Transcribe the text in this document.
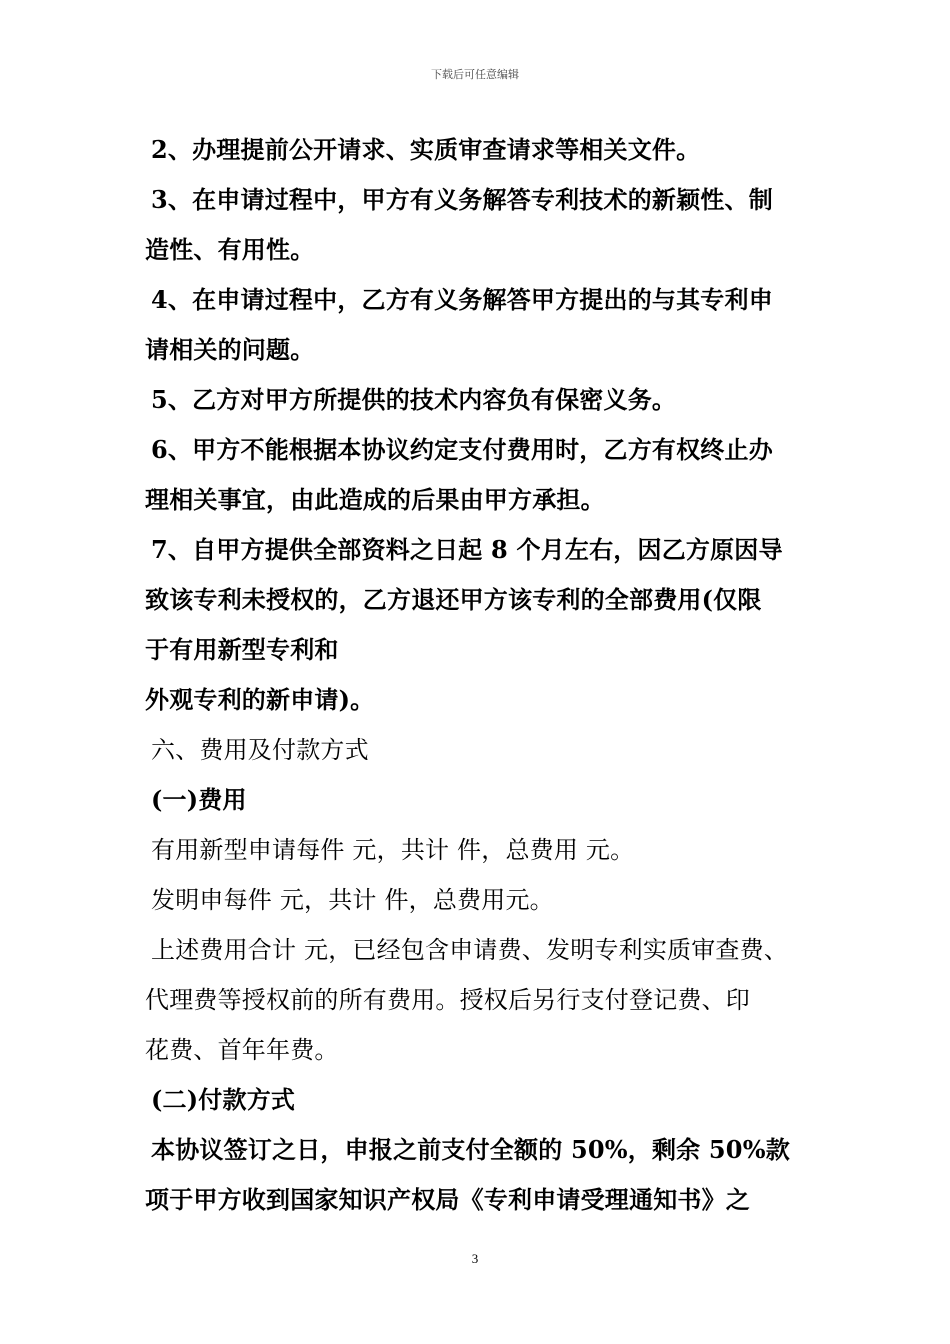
下载后可任意编辑
2、办理提前公开请求、实质审查请求等相关文件。
3、在申请过程中，甲方有义务解答专利技术的新颖性、制
造性、有用性。
4、在申请过程中，乙方有义务解答甲方提出的与其专利申
请相关的问题。
5、乙方对甲方所提供的技术内容负有保密义务。
6、甲方不能根据本协议约定支付费用时，乙方有权终止办
理相关事宜，由此造成的后果由甲方承担。
7、自甲方提供全部资料之日起 8 个月左右，因乙方原因导
致该专利未授权的，乙方退还甲方该专利的全部费用(仅限
于有用新型专利和
外观专利的新申请)。
六、费用及付款方式
(一)费用
有用新型申请每件 元，共计 件，总费用 元。
发明申每件 元，共计 件，总费用元。
上述费用合计 元，已经包含申请费、发明专利实质审查费、
代理费等授权前的所有费用。授权后另行支付登记费、印
花费、首年年费。
(二)付款方式
本协议签订之日，申报之前支付全额的 50%，剩余 50%款
项于甲方收到国家知识产权局《专利申请受理通知书》之
3
